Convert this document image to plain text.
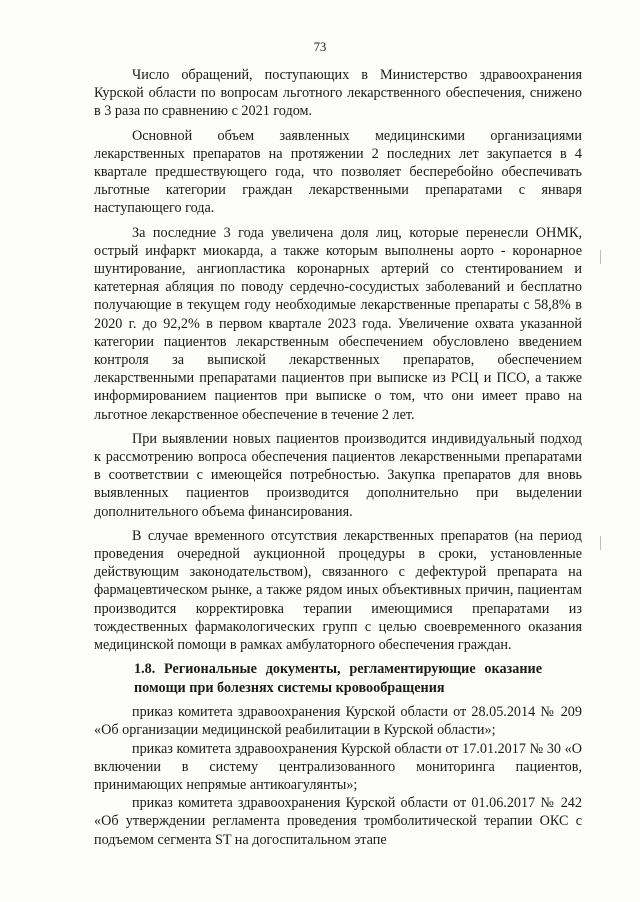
73

Число обращений, поступающих в Министерство здравоохранения Курской области по вопросам льготного лекарственного обеспечения, снижено в 3 раза по сравнению с 2021 годом.

Основной объем заявленных медицинскими организациями лекарственных препаратов на протяжении 2 последних лет закупается в 4 квартале предшествующего года, что позволяет бесперебойно обеспечивать льготные категории граждан лекарственными препаратами с января наступающего года.

За последние 3 года увеличена доля лиц, которые перенесли ОНМК, острый инфаркт миокарда, а также которым выполнены аорто - коронарное шунтирование, ангиопластика коронарных артерий со стентированием и катетерная абляция по поводу сердечно-сосудистых заболеваний и бесплатно получающие в текущем году необходимые лекарственные препараты с 58,8% в 2020 г. до 92,2% в первом квартале 2023 года. Увеличение охвата указанной категории пациентов лекарственным обеспечением обусловлено введением контроля за выпиской лекарственных препаратов, обеспечением лекарственными препаратами пациентов при выписке из РСЦ и ПСО, а также информированием пациентов при выписке о том, что они имеет право на льготное лекарственное обеспечение в течение 2 лет.

При выявлении новых пациентов производится индивидуальный подход к рассмотрению вопроса обеспечения пациентов лекарственными препаратами в соответствии с имеющейся потребностью. Закупка препаратов для вновь выявленных пациентов производится дополнительно при выделении дополнительного объема финансирования.

В случае временного отсутствия лекарственных препаратов (на период проведения очередной аукционной процедуры в сроки, установленные действующим законодательством), связанного с дефектурой препарата на фармацевтическом рынке, а также рядом иных объективных причин, пациентам производится корректировка терапии имеющимися препаратами из тождественных фармакологических групп с целью своевременного оказания медицинской помощи в рамках амбулаторного обеспечения граждан.

1.8. Региональные документы, регламентирующие оказание помощи при болезнях системы кровообращения

приказ комитета здравоохранения Курской области от 28.05.2014 № 209 «Об организации медицинской реабилитации в Курской области»;

приказ комитета здравоохранения Курской области от 17.01.2017 № 30 «О включении в систему централизованного мониторинга пациентов, принимающих непрямые антикоагулянты»;

приказ комитета здравоохранения Курской области от 01.06.2017 № 242 «Об утверждении регламента проведения тромболитической терапии ОКС с подъемом сегмента ST на догоспитальном этапе
